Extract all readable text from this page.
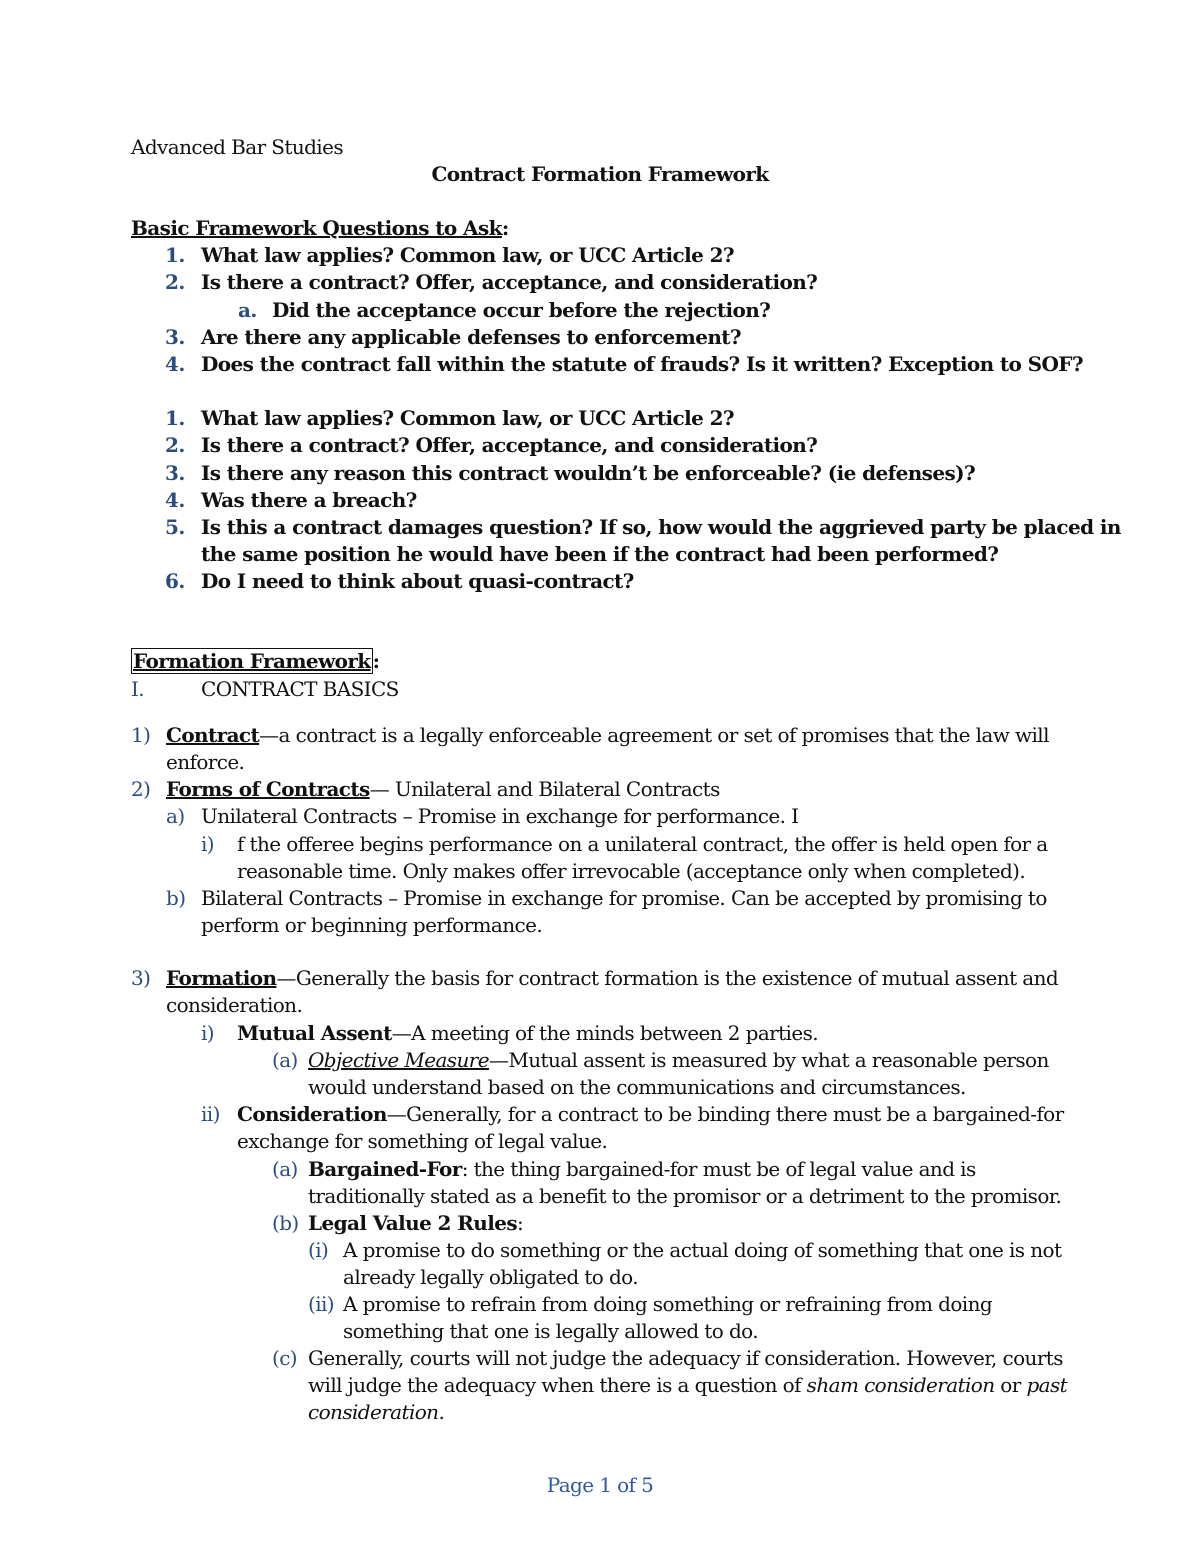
Advanced Bar Studies
Contract Formation Framework
Basic Framework Questions to Ask:
1. What law applies? Common law, or UCC Article 2?
2. Is there a contract? Offer, acceptance, and consideration?
a. Did the acceptance occur before the rejection?
3. Are there any applicable defenses to enforcement?
4. Does the contract fall within the statute of frauds? Is it written? Exception to SOF?
1. What law applies? Common law, or UCC Article 2?
2. Is there a contract? Offer, acceptance, and consideration?
3. Is there any reason this contract wouldn’t be enforceable? (ie defenses)?
4. Was there a breach?
5. Is this a contract damages question? If so, how would the aggrieved party be placed in
the same position he would have been if the contract had been performed?
6. Do I need to think about quasi-contract?
Formation Framework :
I.	CONTRACT BASICS
1) Contract—a contract is a legally enforceable agreement or set of promises that the law will
enforce.
2) Forms of Contracts— Unilateral and Bilateral Contracts
a) Unilateral Contracts – Promise in exchange for performance. I
i) f the offeree begins performance on a unilateral contract, the offer is held open for a
reasonable time. Only makes offer irrevocable (acceptance only when completed).
b) Bilateral Contracts – Promise in exchange for promise. Can be accepted by promising to
perform or beginning performance.
3) Formation—Generally the basis for contract formation is the existence of mutual assent and
consideration.
i) Mutual Assent—A meeting of the minds between 2 parties.
(a) Objective Measure—Mutual assent is measured by what a reasonable person
would understand based on the communications and circumstances.
ii) Consideration—Generally, for a contract to be binding there must be a bargained-for
exchange for something of legal value.
(a) Bargained-For: the thing bargained-for must be of legal value and is
traditionally stated as a benefit to the promisor or a detriment to the promisor.
(b) Legal Value 2 Rules:
(i) A promise to do something or the actual doing of something that one is not
already legally obligated to do.
(ii) A promise to refrain from doing something or refraining from doing
something that one is legally allowed to do.
(c) Generally, courts will not judge the adequacy if consideration. However, courts
will judge the adequacy when there is a question of sham consideration or past
consideration.
Page 1 of 5
